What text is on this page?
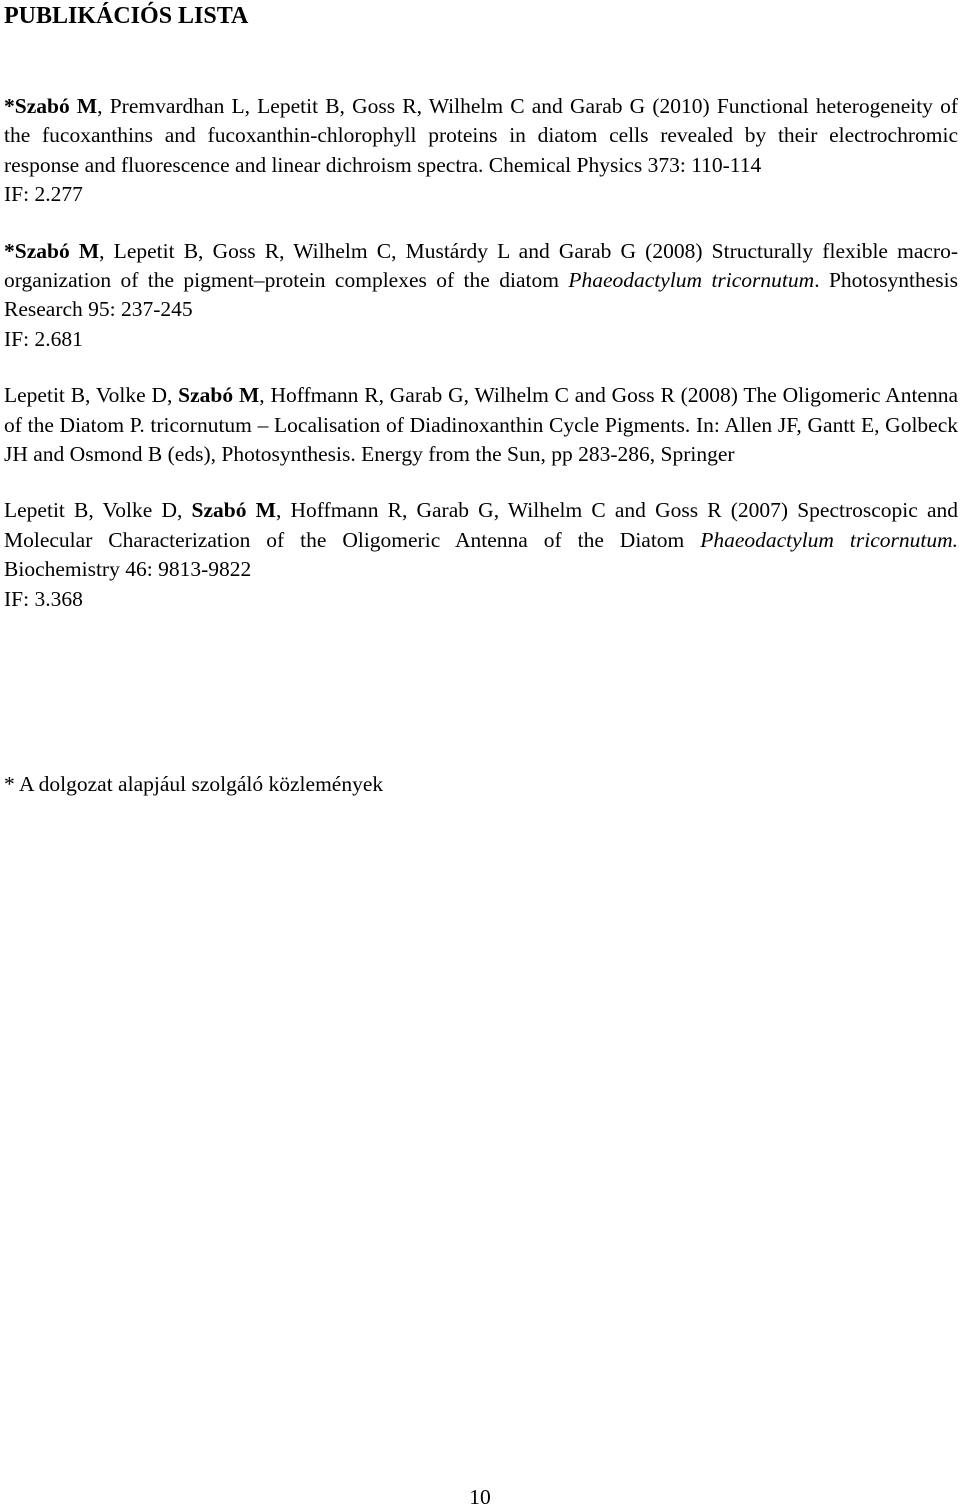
PUBLIKÁCIÓS LISTA
*Szabó M, Premvardhan L, Lepetit B, Goss R, Wilhelm C and Garab G (2010) Functional heterogeneity of the fucoxanthins and fucoxanthin-chlorophyll proteins in diatom cells revealed by their electrochromic response and fluorescence and linear dichroism spectra. Chemical Physics 373: 110-114
IF: 2.277
*Szabó M, Lepetit B, Goss R, Wilhelm C, Mustárdy L and Garab G (2008) Structurally flexible macro-organization of the pigment–protein complexes of the diatom Phaeodactylum tricornutum. Photosynthesis Research 95: 237-245
IF: 2.681
Lepetit B, Volke D, Szabó M, Hoffmann R, Garab G, Wilhelm C and Goss R (2008) The Oligomeric Antenna of the Diatom P. tricornutum – Localisation of Diadinoxanthin Cycle Pigments. In: Allen JF, Gantt E, Golbeck JH and Osmond B (eds), Photosynthesis. Energy from the Sun, pp 283-286, Springer
Lepetit B, Volke D, Szabó M, Hoffmann R, Garab G, Wilhelm C and Goss R (2007) Spectroscopic and Molecular Characterization of the Oligomeric Antenna of the Diatom Phaeodactylum tricornutum. Biochemistry 46: 9813-9822
IF: 3.368
* A dolgozat alapjául szolgáló közlemények
10
